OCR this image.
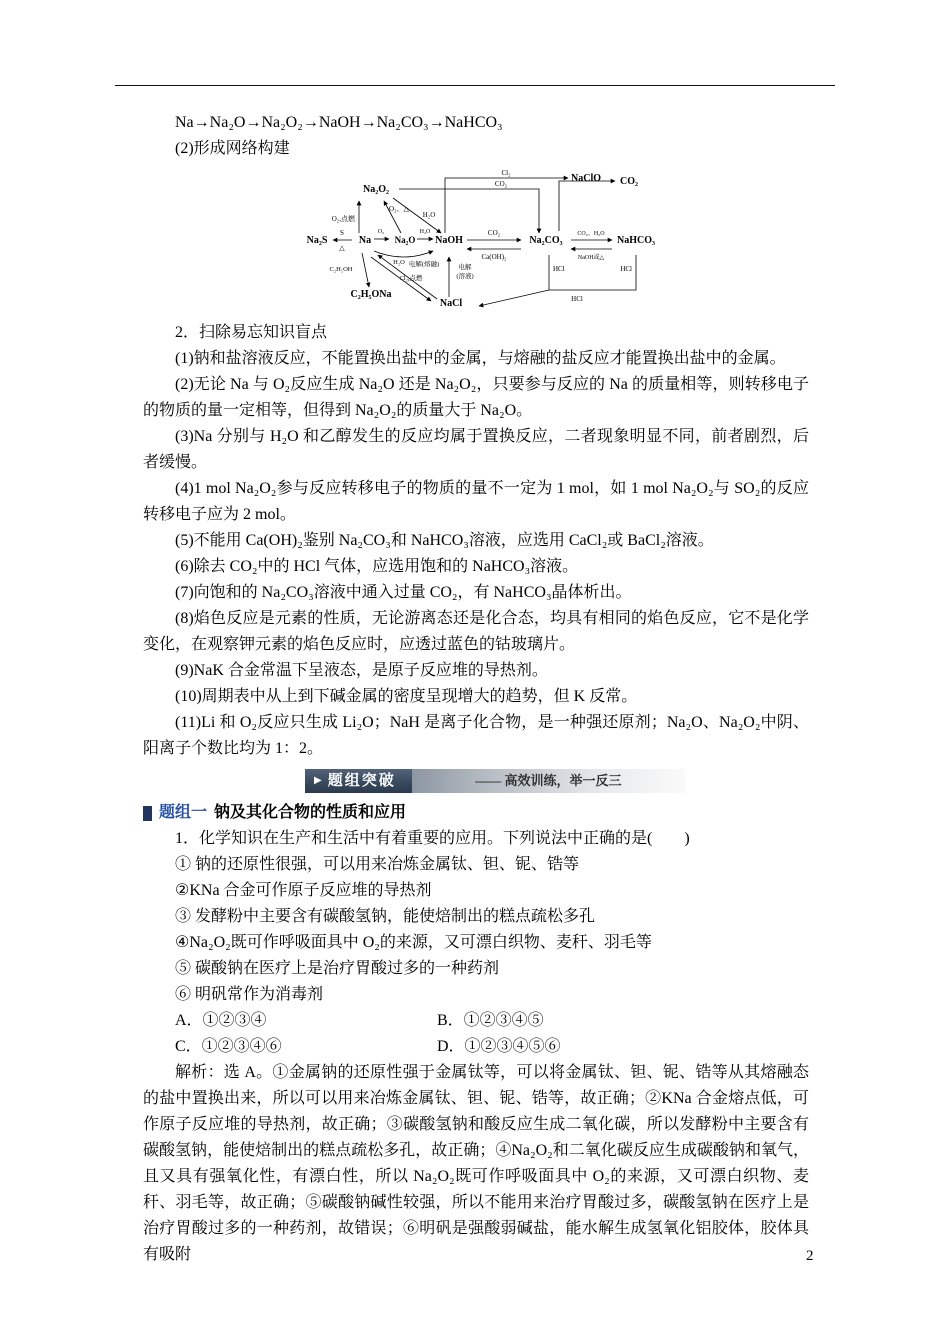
Na→Na₂O→Na₂O₂→NaOH→Na₂CO₃→NaHCO₃

(2)形成网络构建

Na₂O₂
NaClO CO₂
Na₂S	Na	Na₂O NaOH	Na₂CO₃	NaHCO₃
C₂H₅ONa
NaCl
O₂,点燃
O₂、△
H₂O
O₂	H₂O
H₂O
S
△
Cl₂
CO₂
CO₂
Ca(OH)₂
CO₂、H₂O
NaOH或△
HCl	HCl
HCl
电解
(溶液)
电解(熔融)
Cl₂,点燃
C₂H₅OH

2．扫除易忘知识盲点

(1)钠和盐溶液反应，不能置换出盐中的金属，与熔融的盐反应才能置换出盐中的金属。

(2)无论 Na 与 O₂反应生成 Na₂O 还是 Na₂O₂，只要参与反应的 Na 的质量相等，则转移电子的物质的量一定相等，但得到 Na₂O₂的质量大于 Na₂O。

(3)Na 分别与 H₂O 和乙醇发生的反应均属于置换反应，二者现象明显不同，前者剧烈，后者缓慢。

(4)1 mol Na₂O₂参与反应转移电子的物质的量不一定为 1 mol，如 1 mol Na₂O₂与 SO₂的反应转移电子应为 2 mol。

(5)不能用 Ca(OH)₂鉴别 Na₂CO₃和 NaHCO₃溶液，应选用 CaCl₂或 BaCl₂溶液。

(6)除去 CO₂中的 HCl 气体，应选用饱和的 NaHCO₃溶液。

(7)向饱和的 Na₂CO₃溶液中通入过量 CO₂，有 NaHCO₃晶体析出。

(8)焰色反应是元素的性质，无论游离态还是化合态，均具有相同的焰色反应，它不是化学变化，在观察钾元素的焰色反应时，应透过蓝色的钴玻璃片。

(9)NaK 合金常温下呈液态，是原子反应堆的导热剂。

(10)周期表中从上到下碱金属的密度呈现增大的趋势，但 K 反常。

(11)Li 和 O₂反应只生成 Li₂O；NaH 是离子化合物，是一种强还原剂；Na₂O、Na₂O₂中阴、阳离子个数比均为 1：2。

▶ 题组突破	—— 高效训练，举一反三
题组一 钠及其化合物的性质和应用

1．化学知识在生产和生活中有着重要的应用。下列说法中正确的是(　　)

① 钠的还原性很强，可以用来冶炼金属钛、钽、铌、锆等

②KNa 合金可作原子反应堆的导热剂

③ 发酵粉中主要含有碳酸氢钠，能使焙制出的糕点疏松多孔

④Na₂O₂既可作呼吸面具中 O₂的来源，又可漂白织物、麦秆、羽毛等

⑤ 碳酸钠在医疗上是治疗胃酸过多的一种药剂

⑥ 明矾常作为消毒剂

A．①②③④	B．①②③④⑤
C．①②③④⑥	D．①②③④⑤⑥

解析：选 A。①金属钠的还原性强于金属钛等，可以将金属钛、钽、铌、锆等从其熔融态的盐中置换出来，所以可以用来冶炼金属钛、钽、铌、锆等，故正确；②KNa 合金熔点低，可作原子反应堆的导热剂，故正确；③碳酸氢钠和酸反应生成二氧化碳，所以发酵粉中主要含有碳酸氢钠，能使焙制出的糕点疏松多孔，故正确；④Na₂O₂和二氧化碳反应生成碳酸钠和氧气，且又具有强氧化性，有漂白性，所以 Na₂O₂既可作呼吸面具中 O₂的来源，又可漂白织物、麦秆、羽毛等，故正确；⑤碳酸钠碱性较强，所以不能用来治疗胃酸过多，碳酸氢钠在医疗上是治疗胃酸过多的一种药剂，故错误；⑥明矾是强酸弱碱盐，能水解生成氢氧化铝胶体，胶体具有吸附	2
